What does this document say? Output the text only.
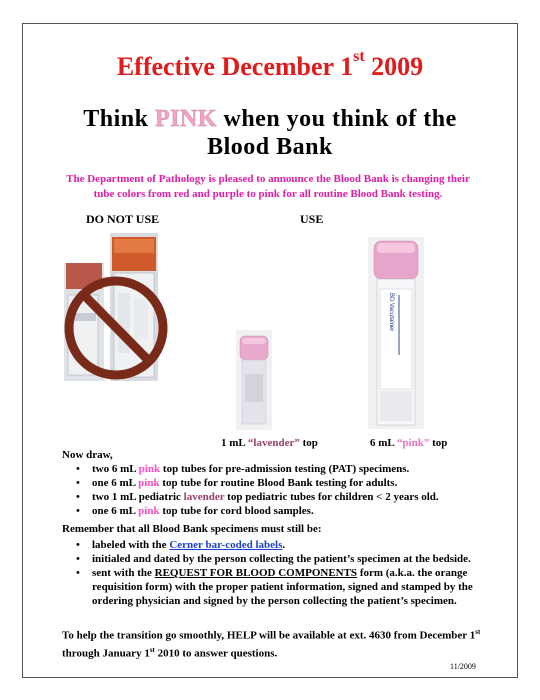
Effective December 1st 2009
Think PINK when you think of the
Blood Bank
The Department of Pathology is pleased to announce the Blood Bank is changing their tube colors from red and purple to pink for all routine Blood Bank testing.
DO NOT USE	USE
BD Vacutainer
1 mL “lavender” top	6 mL “pink” top
Now draw,
• two 6 mL pink top tubes for pre-admission testing (PAT) specimens.
• one 6 mL pink top tube for routine Blood Bank testing for adults.
• two 1 mL pediatric lavender top pediatric tubes for children < 2 years old.
• one 6 mL pink top tube for cord blood samples.
Remember that all Blood Bank specimens must still be:
• labeled with the Cerner bar-coded labels.
• initialed and dated by the person collecting the patient’s specimen at the bedside.
• sent with the REQUEST FOR BLOOD COMPONENTS form (a.k.a. the orange requisition form) with the proper patient information, signed and stamped by the ordering physician and signed by the person collecting the patient’s specimen.
To help the transition go smoothly, HELP will be available at ext. 4630 from December 1st through January 1st 2010 to answer questions.
11/2009
